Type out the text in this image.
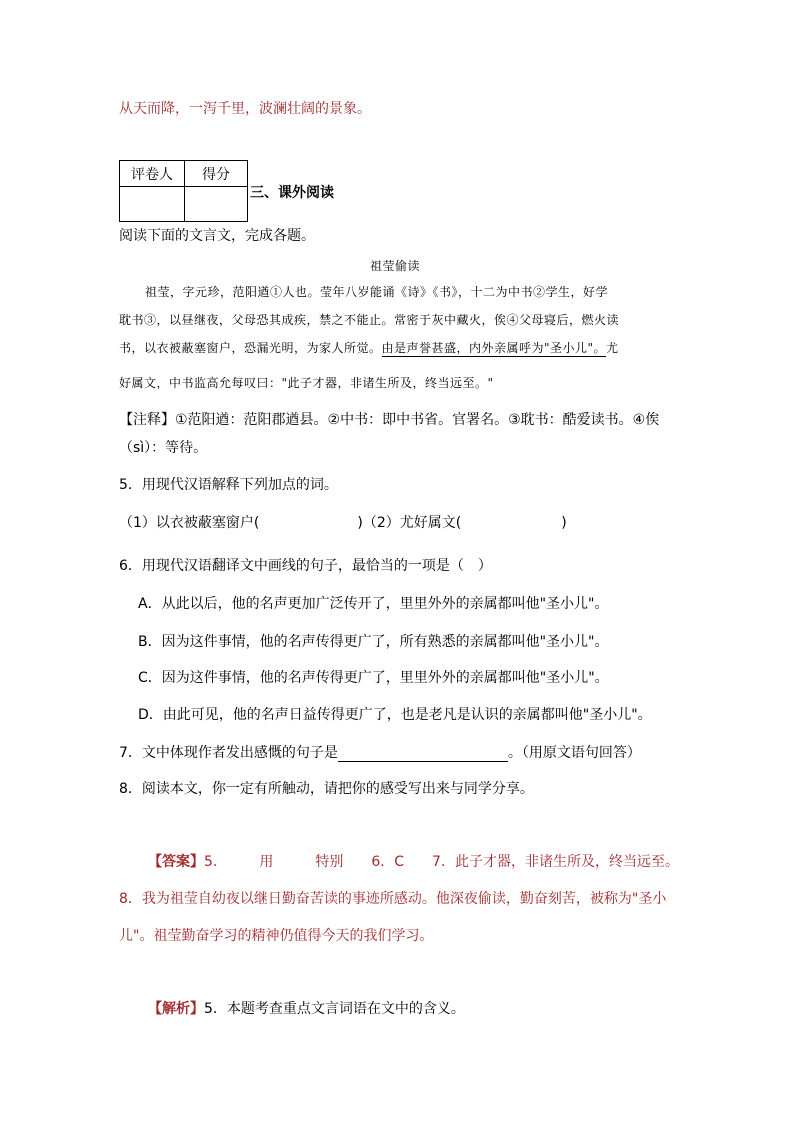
从天而降，一泻千里，波澜壮阔的景象。
评卷人	得分

三、课外阅读
阅读下面的文言文，完成各题。
祖莹偷读
祖莹，字元珍，范阳遒①人也。莹年八岁能诵《诗》《书》，十二为中书②学生，好学
耽书③，以昼继夜，父母恐其成疾，禁之不能止。常密于灰中藏火，俟④父母寝后，燃火读
书，以衣被蔽塞窗户，恐漏光明，为家人所觉。由是声誉甚盛，内外亲属呼为"圣小儿"。尤
好属文，中书监高允每叹曰："此子才器，非诸生所及，终当远至。"
【注释】①范阳遒：范阳郡遒县。②中书：即中书省。官署名。③耽书：酷爱读书。④俟
（sì）：等待。
5．用现代汉语解释下列加点的词。
（1）以衣被蔽塞窗户(	)（2）尤好属文(	)
6．用现代汉语翻译文中画线的句子，最恰当的一项是（　）
A．从此以后，他的名声更加广泛传开了，里里外外的亲属都叫他"圣小儿"。
B．因为这件事情，他的名声传得更广了，所有熟悉的亲属都叫他"圣小儿"。
C．因为这件事情，他的名声传得更广了，里里外外的亲属都叫他"圣小儿"。
D．由此可见，他的名声日益传得更广了，也是老凡是认识的亲属都叫他"圣小儿"。
7．文中体现作者发出感慨的句子是	。（用原文语句回答）
8．阅读本文，你一定有所触动，请把你的感受写出来与同学分享。
【答案】5.　　　用　　　特别　　6．C　　7．此子才器，非诸生所及，终当远至。
8．我为祖莹自幼夜以继日勤奋苦读的事迹所感动。他深夜偷读，勤奋刻苦，被称为"圣小
儿"。祖莹勤奋学习的精神仍值得今天的我们学习。
【解析】5．本题考查重点文言词语在文中的含义。
